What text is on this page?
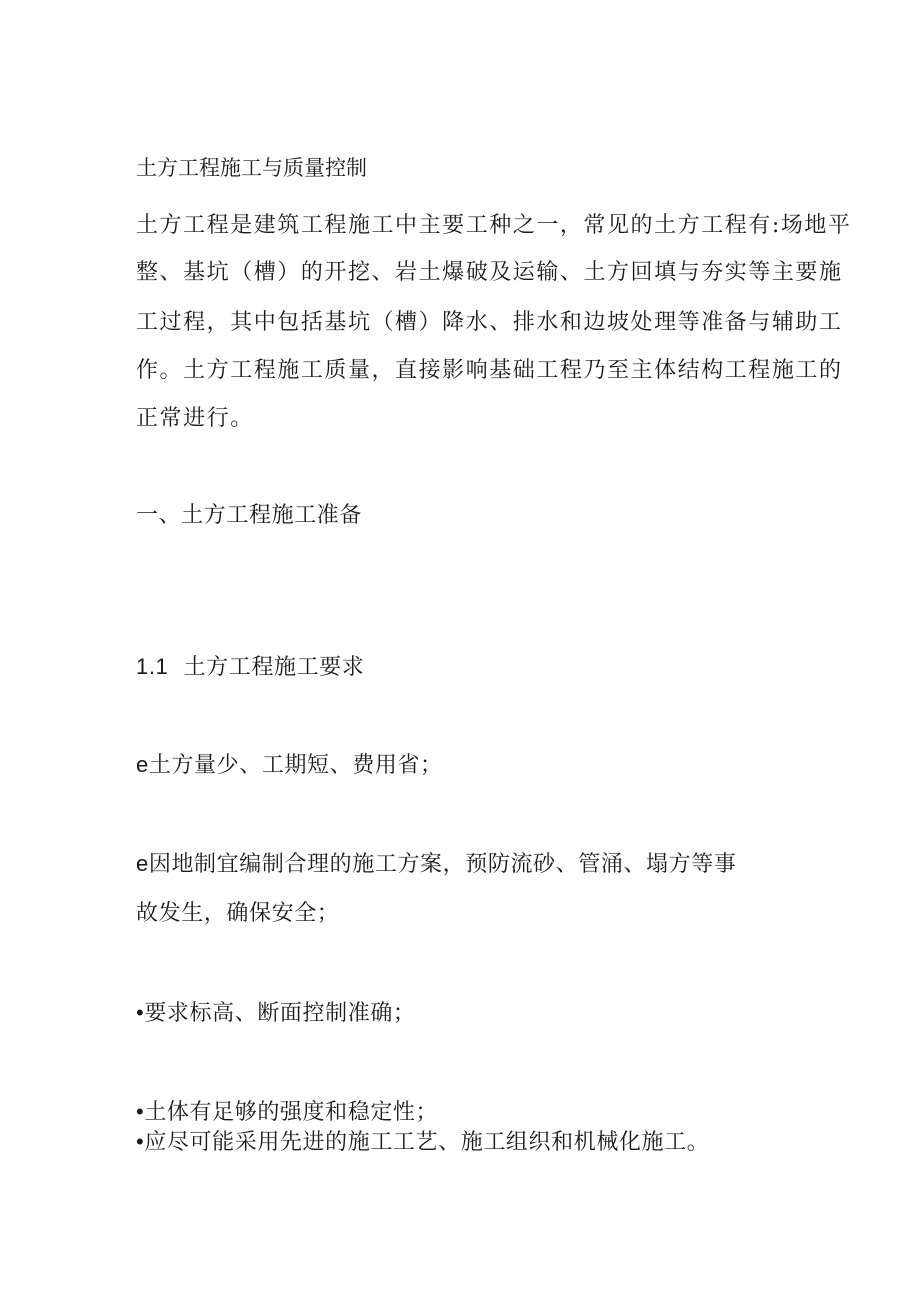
土方工程施工与质量控制
土方工程是建筑工程施工中主要工种之一，常见的土方工程有:场地平
整、基坑（槽）的开挖、岩土爆破及运输、土方回填与夯实等主要施
工过程，其中包括基坑（槽）降水、排水和边坡处理等准备与辅助工
作。土方工程施工质量，直接影响基础工程乃至主体结构工程施工的
正常进行。
一、土方工程施工准备
1.1 土方工程施工要求
e土方量少、工期短、费用省；
e因地制宜编制合理的施工方案，预防流砂、管涌、塌方等事
故发生，确保安全；
•要求标高、断面控制准确；
•土体有足够的强度和稳定性；
•应尽可能采用先进的施工工艺、施工组织和机械化施工。
